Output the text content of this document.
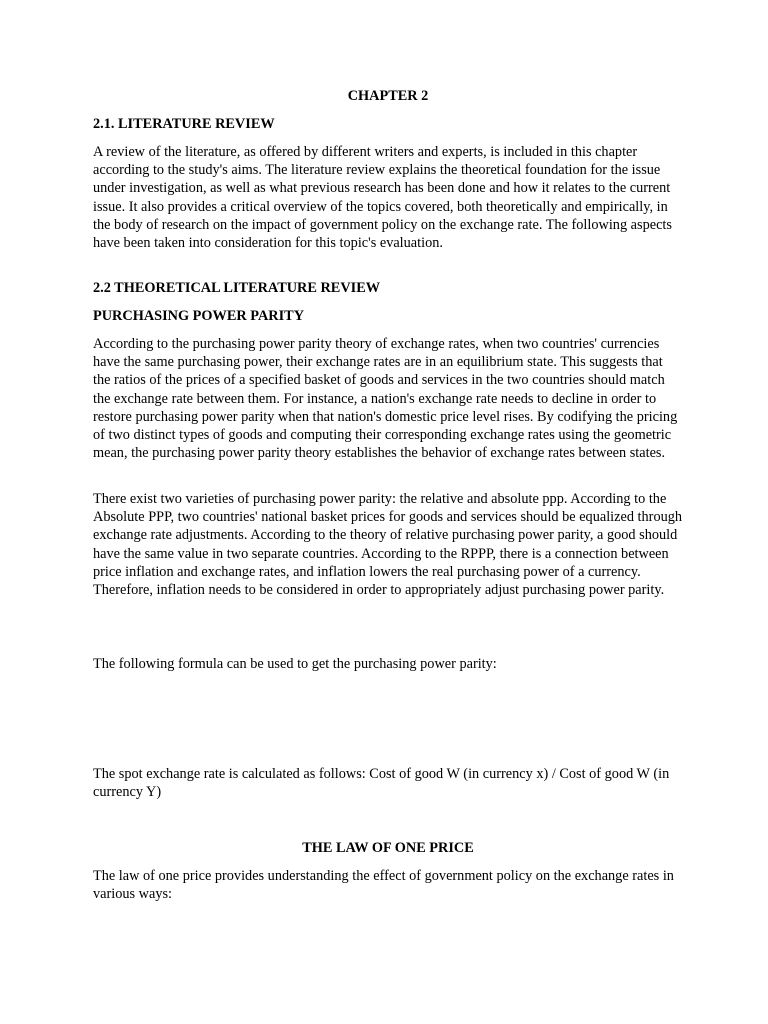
CHAPTER 2

2.1. LITERATURE REVIEW

A review of the literature, as offered by different writers and experts, is included in this chapter according to the study's aims. The literature review explains the theoretical foundation for the issue under investigation, as well as what previous research has been done and how it relates to the current issue. It also provides a critical overview of the topics covered, both theoretically and empirically, in the body of research on the impact of government policy on the exchange rate. The following aspects have been taken into consideration for this topic's evaluation.

2.2 THEORETICAL LITERATURE REVIEW

PURCHASING POWER PARITY

According to the purchasing power parity theory of exchange rates, when two countries' currencies have the same purchasing power, their exchange rates are in an equilibrium state. This suggests that the ratios of the prices of a specified basket of goods and services in the two countries should match the exchange rate between them. For instance, a nation's exchange rate needs to decline in order to restore purchasing power parity when that nation's domestic price level rises. By codifying the pricing of two distinct types of goods and computing their corresponding exchange rates using the geometric mean, the purchasing power parity theory establishes the behavior of exchange rates between states.

There exist two varieties of purchasing power parity: the relative and absolute ppp. According to the Absolute PPP, two countries' national basket prices for goods and services should be equalized through exchange rate adjustments. According to the theory of relative purchasing power parity, a good should have the same value in two separate countries. According to the RPPP, there is a connection between price inflation and exchange rates, and inflation lowers the real purchasing power of a currency. Therefore, inflation needs to be considered in order to appropriately adjust purchasing power parity.

The following formula can be used to get the purchasing power parity:

The spot exchange rate is calculated as follows: Cost of good W (in currency x) / Cost of good W (in currency Y)

THE LAW OF ONE PRICE

The law of one price provides understanding the effect of government policy on the exchange rates in various ways:
